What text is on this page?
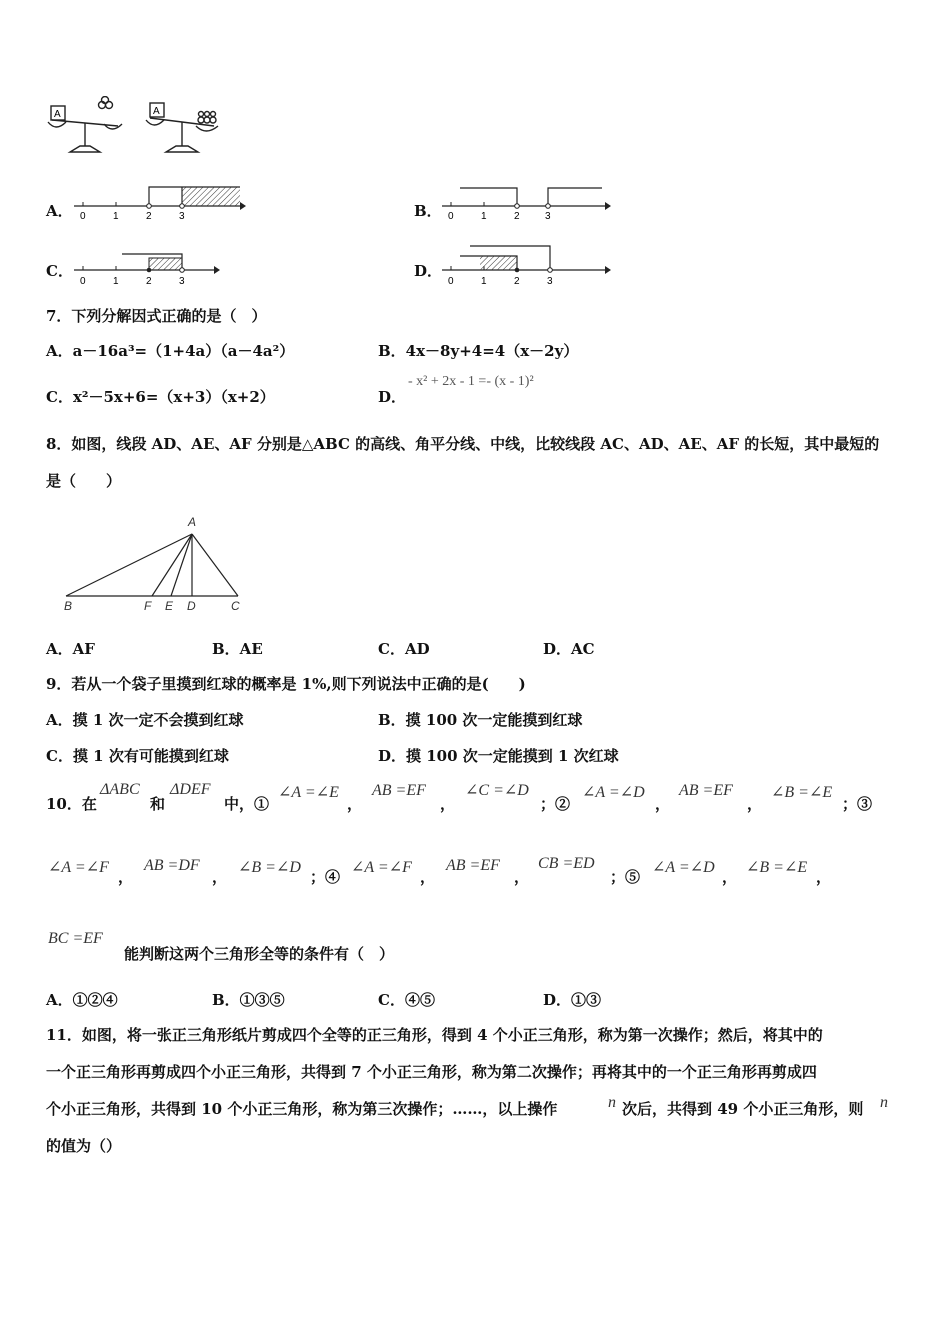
A	A
A． 0	1	2	3	B． 0	1	2	3
C．
0	1	2	3
D．
0	1	2	3
7．下列分解因式正确的是（　）
A．a－16a³=（1+4a）（a－4a²）	B．4x－8y+4=4（x－2y）
C．x²－5x+6=（x+3）（x+2）	D．
- x² + 2x - 1 =- (x - 1)²
8．如图，线段 AD、AE、AF 分别是△ABC 的高线、角平分线、中线，比较线段 AC、AD、AE、AF 的长短，其中最短的
是（　　）
A
B	F E D	C
A．AF	B．AE	C．AD	D．AC
9．若从一个袋子里摸到红球的概率是 1%,则下列说法中正确的是(　　)
A．摸 1 次一定不会摸到红球	B．摸 100 次一定能摸到红球
C．摸 1 次有可能摸到红球	D．摸 100 次一定能摸到 1 次红球
10．在
ΔABC
和
ΔDEF
中，①
∠A =∠E
，
AB =EF
，
∠C =∠D
；②
∠A =∠D
，
AB =EF
，
∠B =∠E
；③
∠A =∠F
，
AB =DF
，
∠B =∠D
；④
∠A =∠F
，
AB =EF
，
CB =ED
；⑤
∠A =∠D
，
∠B =∠E
，
BC =EF
能判断这两个三角形全等的条件有（　）
A．①②④	B．①③⑤	C．④⑤	D．①③
11．如图，将一张正三角形纸片剪成四个全等的正三角形，得到 4 个小正三角形，称为第一次操作；然后，将其中的
一个正三角形再剪成四个小正三角形，共得到 7 个小正三角形，称为第二次操作；再将其中的一个正三角形再剪成四
个小正三角形，共得到 10 个小正三角形，称为第三次操作；……，以上操作	n 次后，共得到 49 个小正三角形，则 n
的值为（）
